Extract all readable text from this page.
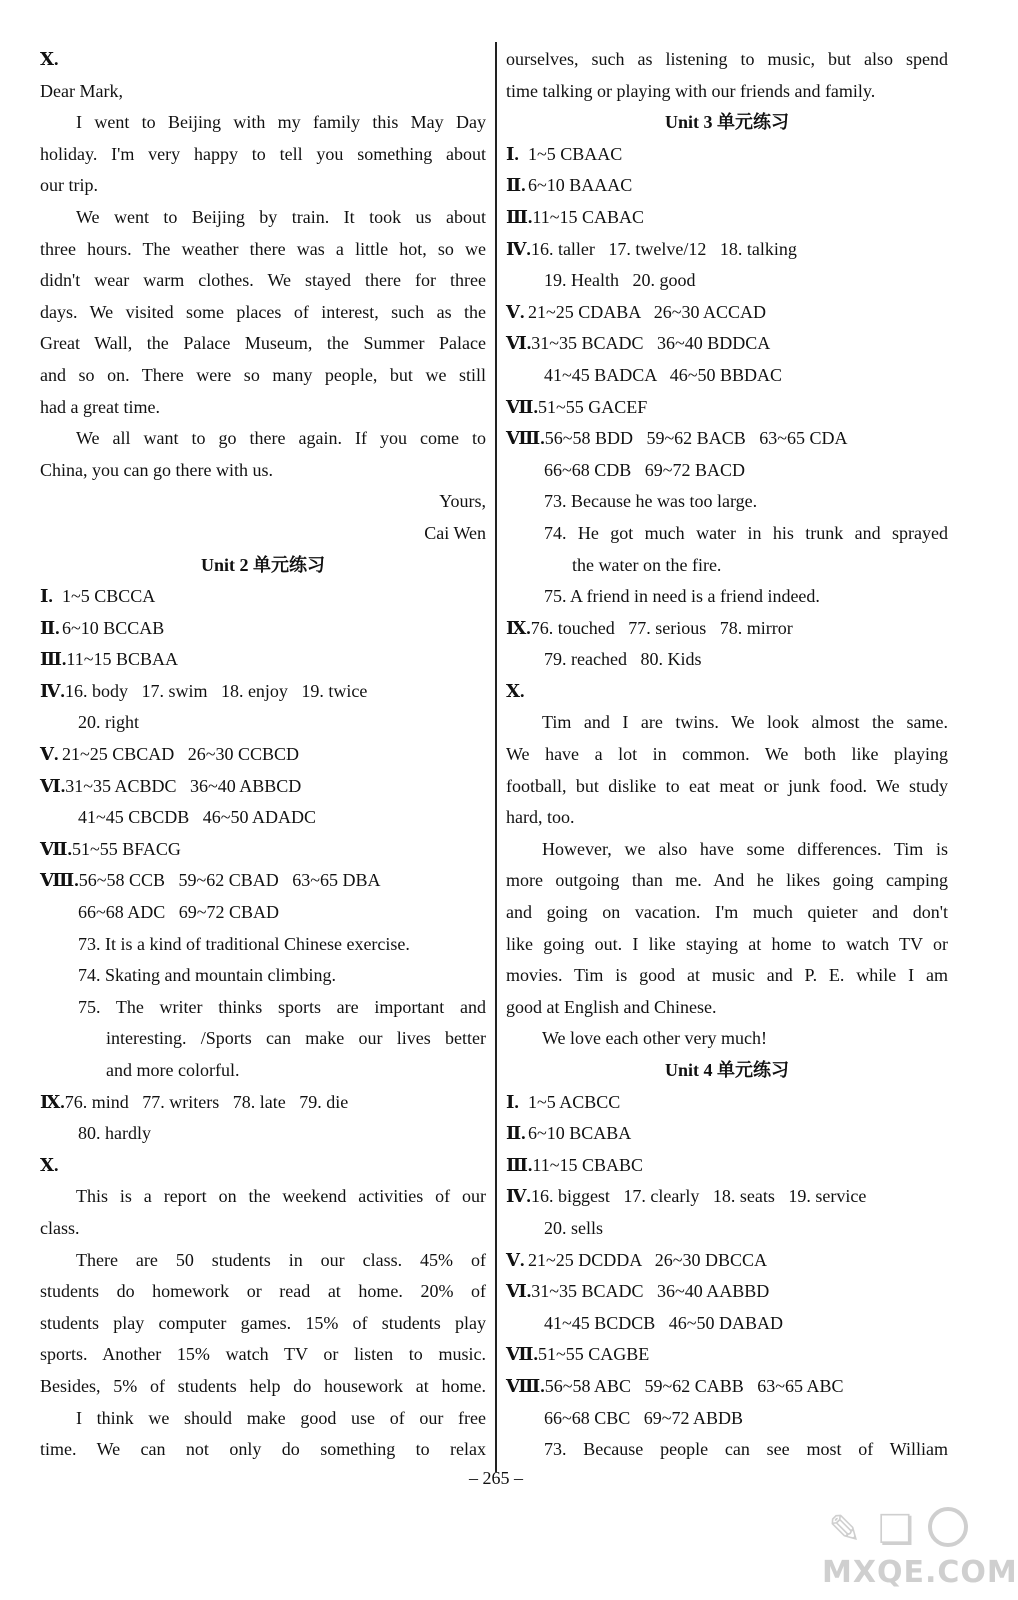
Ⅹ.
Dear Mark,
I went to Beijing with my family this May Day
holiday. I'm very happy to tell you something about
our trip.
We went to Beijing by train. It took us about
three hours. The weather there was a little hot, so we
didn't wear warm clothes. We stayed there for three
days. We visited some places of interest, such as the
Great Wall, the Palace Museum, the Summer Palace
and so on. There were so many people, but we still
had a great time.
We all want to go there again. If you come to
China, you can go there with us.
Yours,
Cai Wen
Unit 2 单元练习
Ⅰ. 1~5 CBCCA
Ⅱ. 6~10 BCCAB
Ⅲ.11~15 BCBAA
Ⅳ.16. body   17. swim   18. enjoy   19. twice
20. right
Ⅴ. 21~25 CBCAD   26~30 CCBCD
Ⅵ.31~35 ACBDC   36~40 ABBCD
41~45 CBCDB   46~50 ADADC
Ⅶ.51~55 BFACG
Ⅷ.56~58 CCB   59~62 CBAD   63~65 DBA
66~68 ADC   69~72 CBAD
73. It is a kind of traditional Chinese exercise.
74. Skating and mountain climbing.
75. The writer thinks sports are important and
interesting. /Sports can make our lives better
and more colorful.
Ⅸ.76. mind   77. writers   78. late   79. die
80. hardly
Ⅹ.
This is a report on the weekend activities of our
class.
There are 50 students in our class. 45% of
students do homework or read at home. 20% of
students play computer games. 15% of students play
sports. Another 15% watch TV or listen to music.
Besides, 5% of students help do housework at home.
I think we should make good use of our free
time. We can not only do something to relax
ourselves, such as listening to music, but also spend
time talking or playing with our friends and family.
Unit 3 单元练习
Ⅰ. 1~5 CBAAC
Ⅱ. 6~10 BAAAC
Ⅲ.11~15 CABAC
Ⅳ.16. taller   17. twelve/12   18. talking
19. Health   20. good
Ⅴ. 21~25 CDABA   26~30 ACCAD
Ⅵ.31~35 BCADC   36~40 BDDCA
41~45 BADCA   46~50 BBDAC
Ⅶ.51~55 GACEF
Ⅷ.56~58 BDD   59~62 BACB   63~65 CDA
66~68 CDB   69~72 BACD
73. Because he was too large.
74. He got much water in his trunk and sprayed
the water on the fire.
75. A friend in need is a friend indeed.
Ⅸ.76. touched   77. serious   78. mirror
79. reached   80. Kids
Ⅹ.
Tim and I are twins. We look almost the same.
We have a lot in common. We both like playing
football, but dislike to eat meat or junk food. We study
hard, too.
However, we also have some differences. Tim is
more outgoing than me. And he likes going camping
and going on vacation. I'm much quieter and don't
like going out. I like staying at home to watch TV or
movies. Tim is good at music and P. E. while I am
good at English and Chinese.
We love each other very much!
Unit 4 单元练习
Ⅰ. 1~5 ACBCC
Ⅱ. 6~10 BCABA
Ⅲ.11~15 CBABC
Ⅳ.16. biggest   17. clearly   18. seats   19. service
20. sells
Ⅴ. 21~25 DCDDA   26~30 DBCCA
Ⅵ.31~35 BCADC   36~40 AABBD
41~45 BCDCB   46~50 DABAD
Ⅶ.51~55 CAGBE
Ⅷ.56~58 ABC   59~62 CABB   63~65 ABC
66~68 CBC   69~72 ABDB
73. Because people can see most of William
– 265 –
✎ ❏
MXQE.COM
